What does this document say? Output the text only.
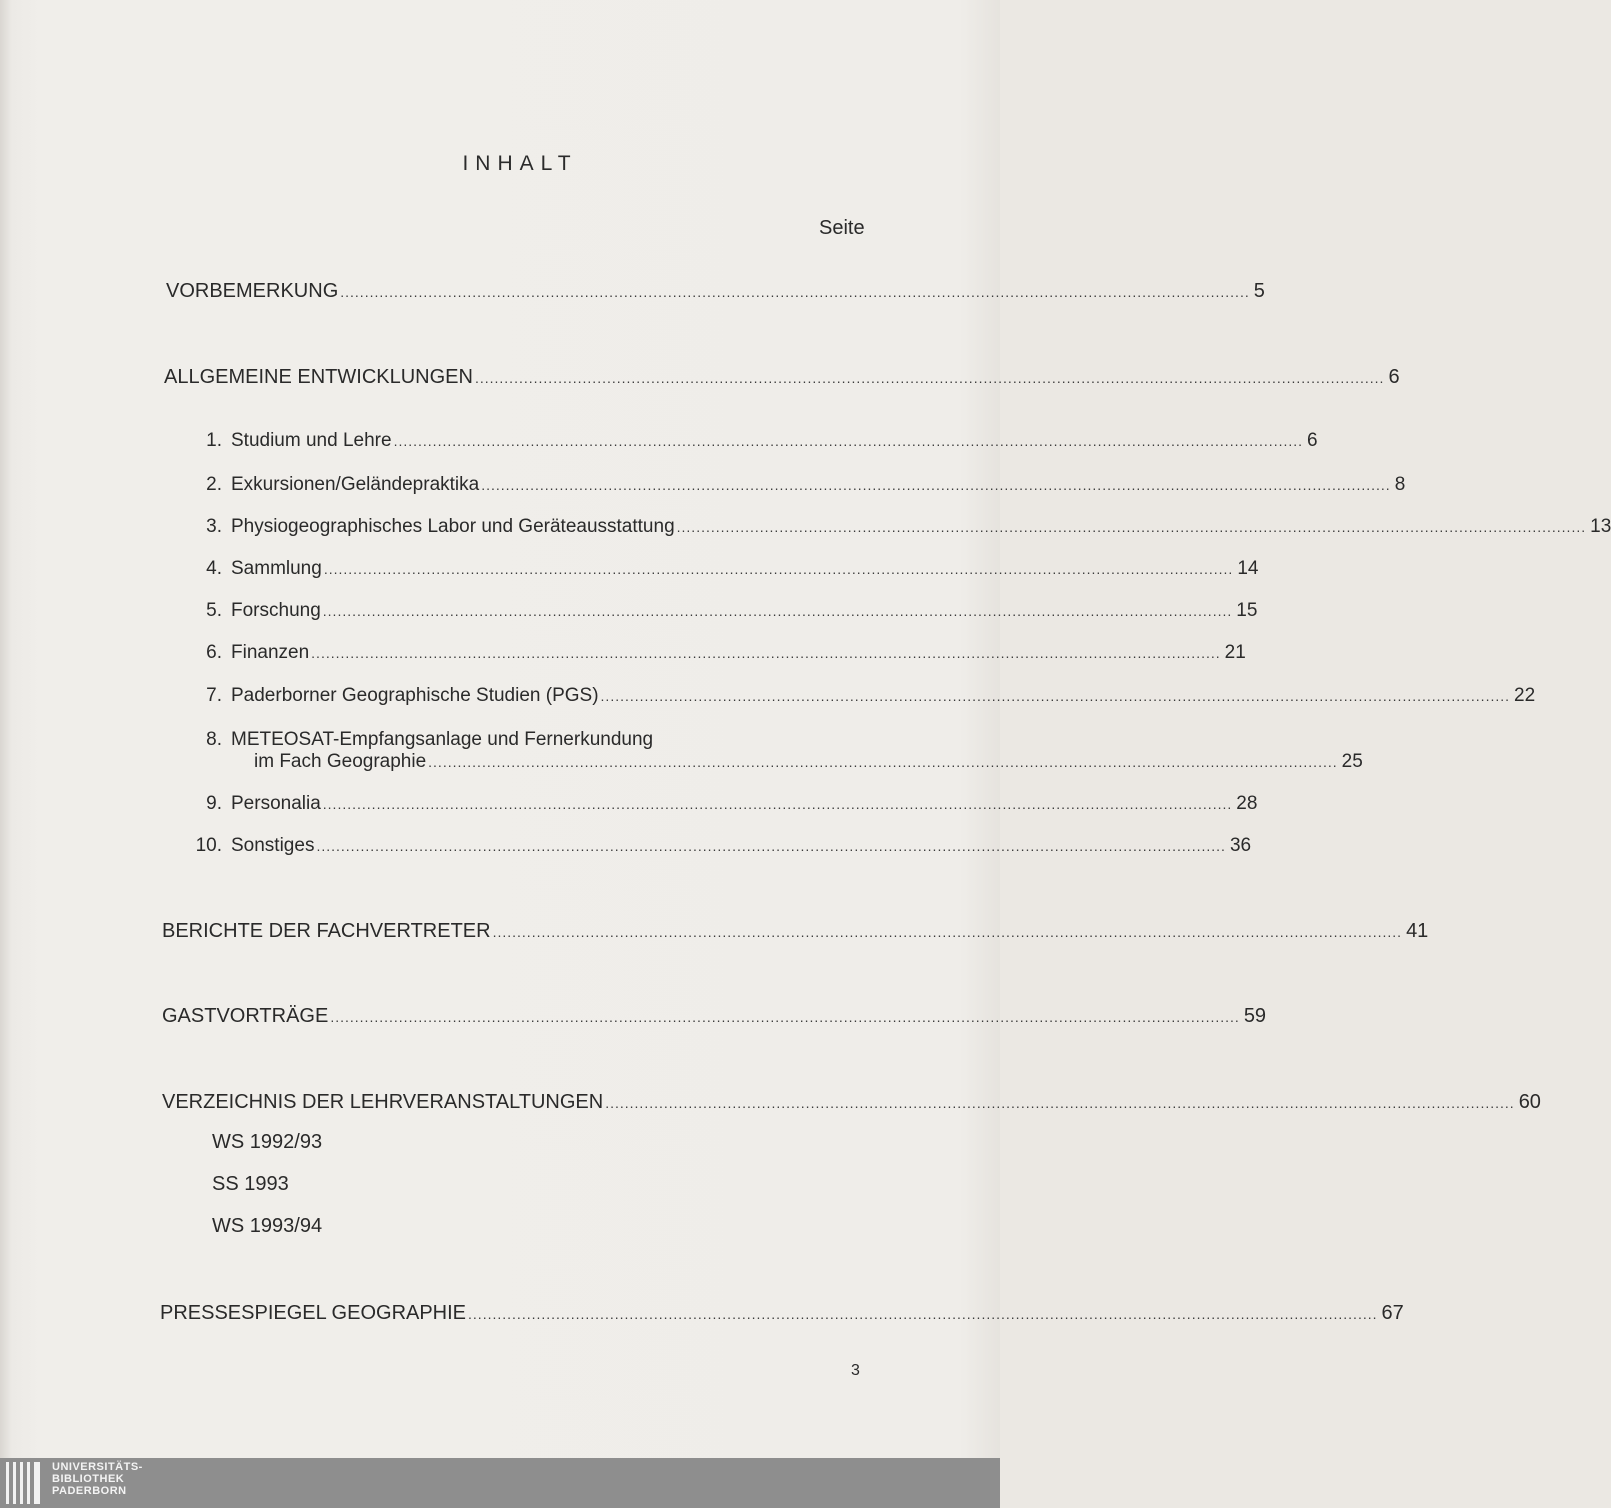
INHALT
Seite
VORBEMERKUNG .......................................................................................................................................................................................... 5
ALLGEMEINE ENTWICKLUNGEN .......................................................................................................................................................................................... 6
1. Studium und Lehre .......................................................................................................................................................................................... 6
2. Exkursionen/Geländepraktika .......................................................................................................................................................................................... 8
3. Physiogeographisches Labor und Geräteausstattung .......................................................................................................................................................................................... 13
4. Sammlung .......................................................................................................................................................................................... 14
5. Forschung .......................................................................................................................................................................................... 15
6. Finanzen .......................................................................................................................................................................................... 21
7. Paderborner Geographische Studien (PGS) .......................................................................................................................................................................................... 22
8. METEOSAT-Empfangsanlage und Fernerkundung
im Fach Geographie .......................................................................................................................................................................................... 25
9. Personalia .......................................................................................................................................................................................... 28
10. Sonstiges .......................................................................................................................................................................................... 36
BERICHTE DER FACHVERTRETER .......................................................................................................................................................................................... 41
GASTVORTRÄGE .......................................................................................................................................................................................... 59
VERZEICHNIS DER LEHRVERANSTALTUNGEN .......................................................................................................................................................................................... 60
WS 1992/93
SS 1993
WS 1993/94
PRESSESPIEGEL GEOGRAPHIE .......................................................................................................................................................................................... 67
3
UNIVERSITÄTS-
BIBLIOTHEK
PADERBORN
